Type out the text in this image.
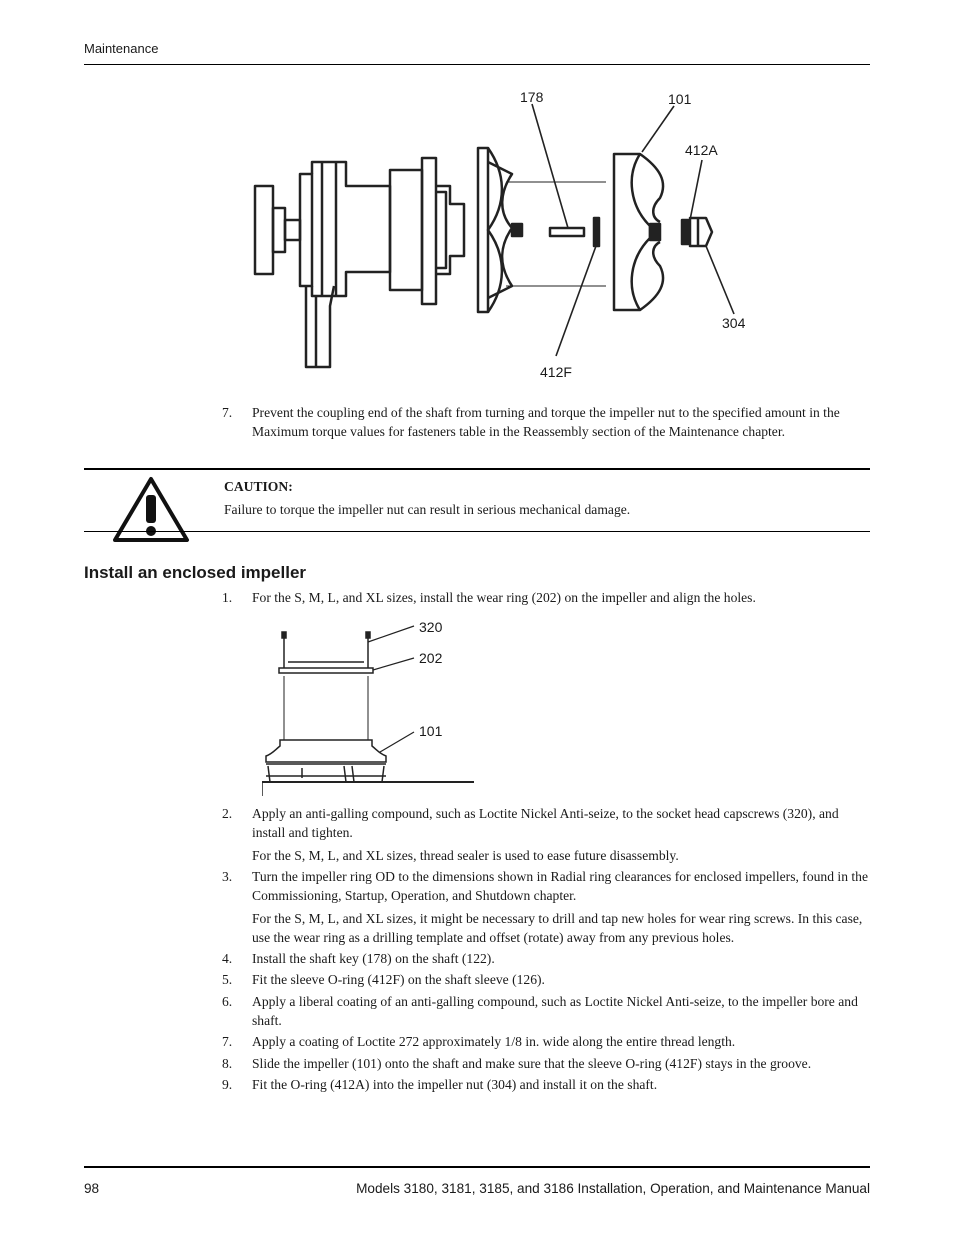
Maintenance
178	101
412A
304
412F
7.	Prevent the coupling end of the shaft from turning and torque the impeller nut to the specified amount in the Maximum torque values for fasteners table in the Reassembly section of the Maintenance chapter.
CAUTION:
Failure to torque the impeller nut can result in serious mechanical damage.
Install an enclosed impeller
1.	For the S, M, L, and XL sizes, install the wear ring (202) on the impeller and align the holes.
320
202
101
2.	Apply an anti-galling compound, such as Loctite Nickel Anti-seize, to the socket head capscrews (320), and install and tighten.
For the S, M, L, and XL sizes, thread sealer is used to ease future disassembly.
3.	Turn the impeller ring OD to the dimensions shown in Radial ring clearances for enclosed impellers, found in the Commissioning, Startup, Operation, and Shutdown chapter.
For the S, M, L, and XL sizes, it might be necessary to drill and tap new holes for wear ring screws. In this case, use the wear ring as a drilling template and offset (rotate) away from any previous holes.
4.	Install the shaft key (178) on the shaft (122).
5.	Fit the sleeve O-ring (412F) on the shaft sleeve (126).
6.	Apply a liberal coating of an anti-galling compound, such as Loctite Nickel Anti-seize, to the impeller bore and shaft.
7.	Apply a coating of Loctite 272 approximately 1/8 in. wide along the entire thread length.
8.	Slide the impeller (101) onto the shaft and make sure that the sleeve O-ring (412F) stays in the groove.
9.	Fit the O-ring (412A) into the impeller nut (304) and install it on the shaft.
98	Models 3180, 3181, 3185, and 3186 Installation, Operation, and Maintenance Manual
